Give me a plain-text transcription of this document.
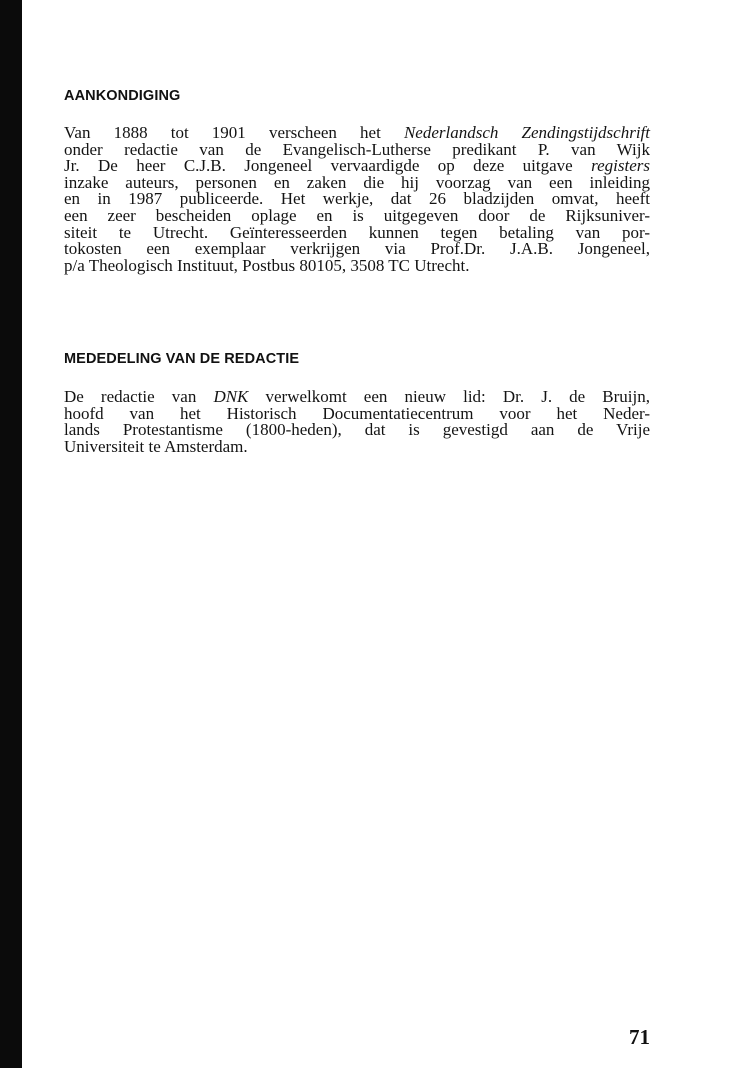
AANKONDIGING

Van 1888 tot 1901 verscheen het Nederlandsch Zendingstijdschrift
onder redactie van de Evangelisch-Lutherse predikant P. van Wijk
Jr. De heer C.J.B. Jongeneel vervaardigde op deze uitgave registers
inzake auteurs, personen en zaken die hij voorzag van een inleiding
en in 1987 publiceerde. Het werkje, dat 26 bladzijden omvat, heeft
een zeer bescheiden oplage en is uitgegeven door de Rijksuniver-
siteit te Utrecht. Geïnteresseerden kunnen tegen betaling van por-
tokosten een exemplaar verkrijgen via Prof.Dr. J.A.B. Jongeneel,
p/a Theologisch Instituut, Postbus 80105, 3508 TC Utrecht.

MEDEDELING VAN DE REDACTIE

De redactie van DNK verwelkomt een nieuw lid: Dr. J. de Bruijn,
hoofd van het Historisch Documentatiecentrum voor het Neder-
lands Protestantisme (1800-heden), dat is gevestigd aan de Vrije
Universiteit te Amsterdam.

71
